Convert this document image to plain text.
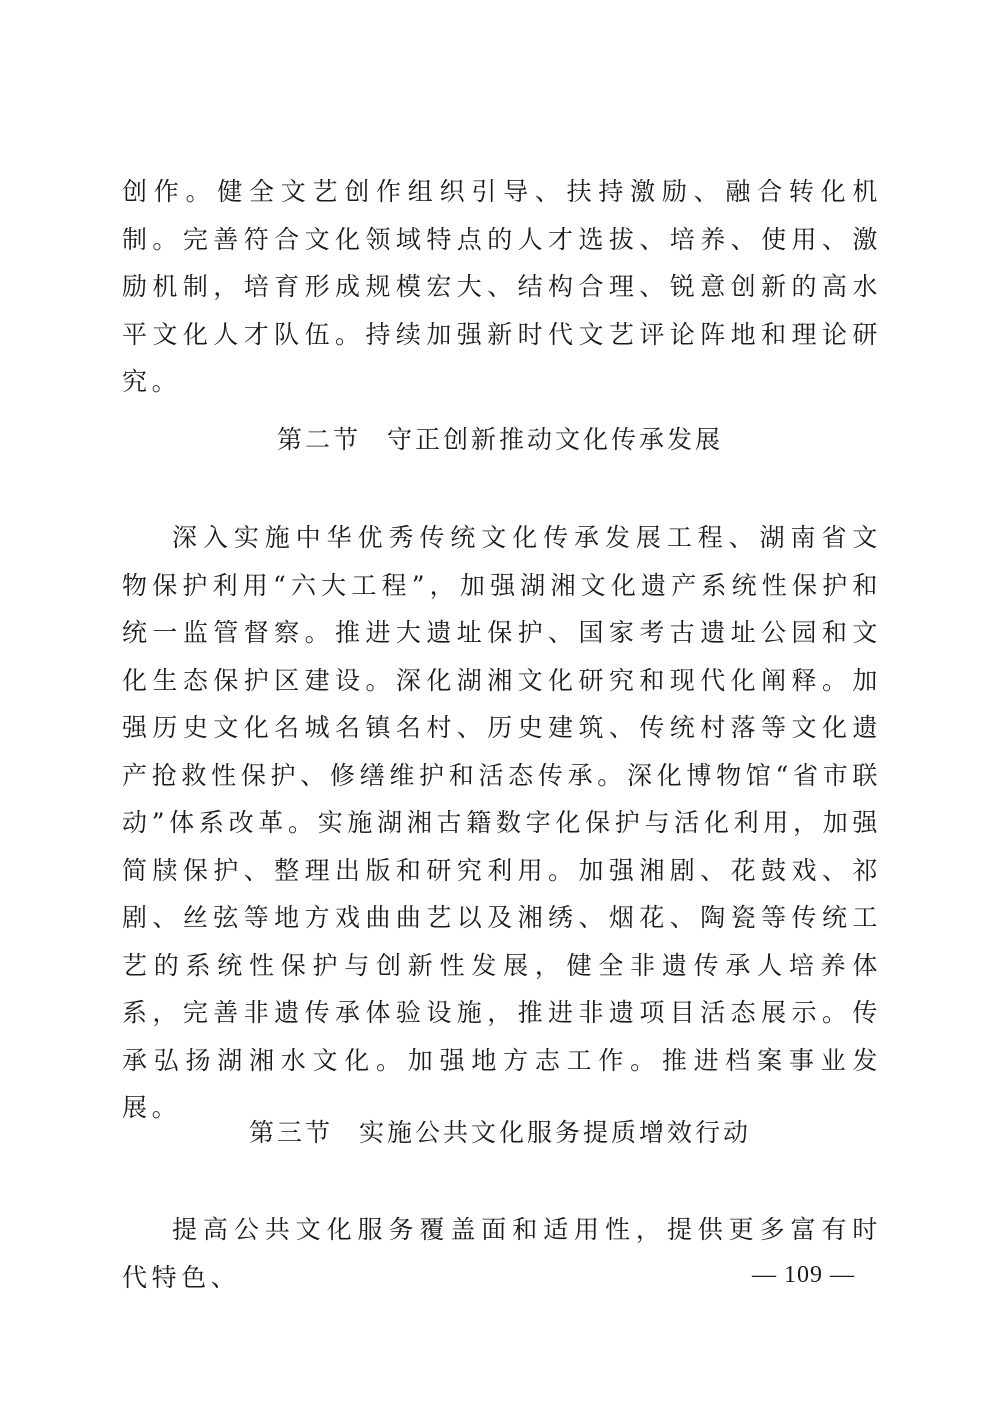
创作。健全文艺创作组织引导、扶持激励、融合转化机制。完善符合文化领域特点的人才选拔、培养、使用、激励机制，培育形成规模宏大、结构合理、锐意创新的高水平文化人才队伍。持续加强新时代文艺评论阵地和理论研究。

第二节 守正创新推动文化传承发展

深入实施中华优秀传统文化传承发展工程、湖南省文物保护利用“六大工程”，加强湖湘文化遗产系统性保护和统一监管督察。推进大遗址保护、国家考古遗址公园和文化生态保护区建设。深化湖湘文化研究和现代化阐释。加强历史文化名城名镇名村、历史建筑、传统村落等文化遗产抢救性保护、修缮维护和活态传承。深化博物馆“省市联动”体系改革。实施湖湘古籍数字化保护与活化利用，加强简牍保护、整理出版和研究利用。加强湘剧、花鼓戏、祁剧、丝弦等地方戏曲曲艺以及湘绣、烟花、陶瓷等传统工艺的系统性保护与创新性发展，健全非遗传承人培养体系，完善非遗传承体验设施，推进非遗项目活态展示。传承弘扬湖湘水文化。加强地方志工作。推进档案事业发展。

第三节 实施公共文化服务提质增效行动

提高公共文化服务覆盖面和适用性，提供更多富有时代特色、	— 109 —
